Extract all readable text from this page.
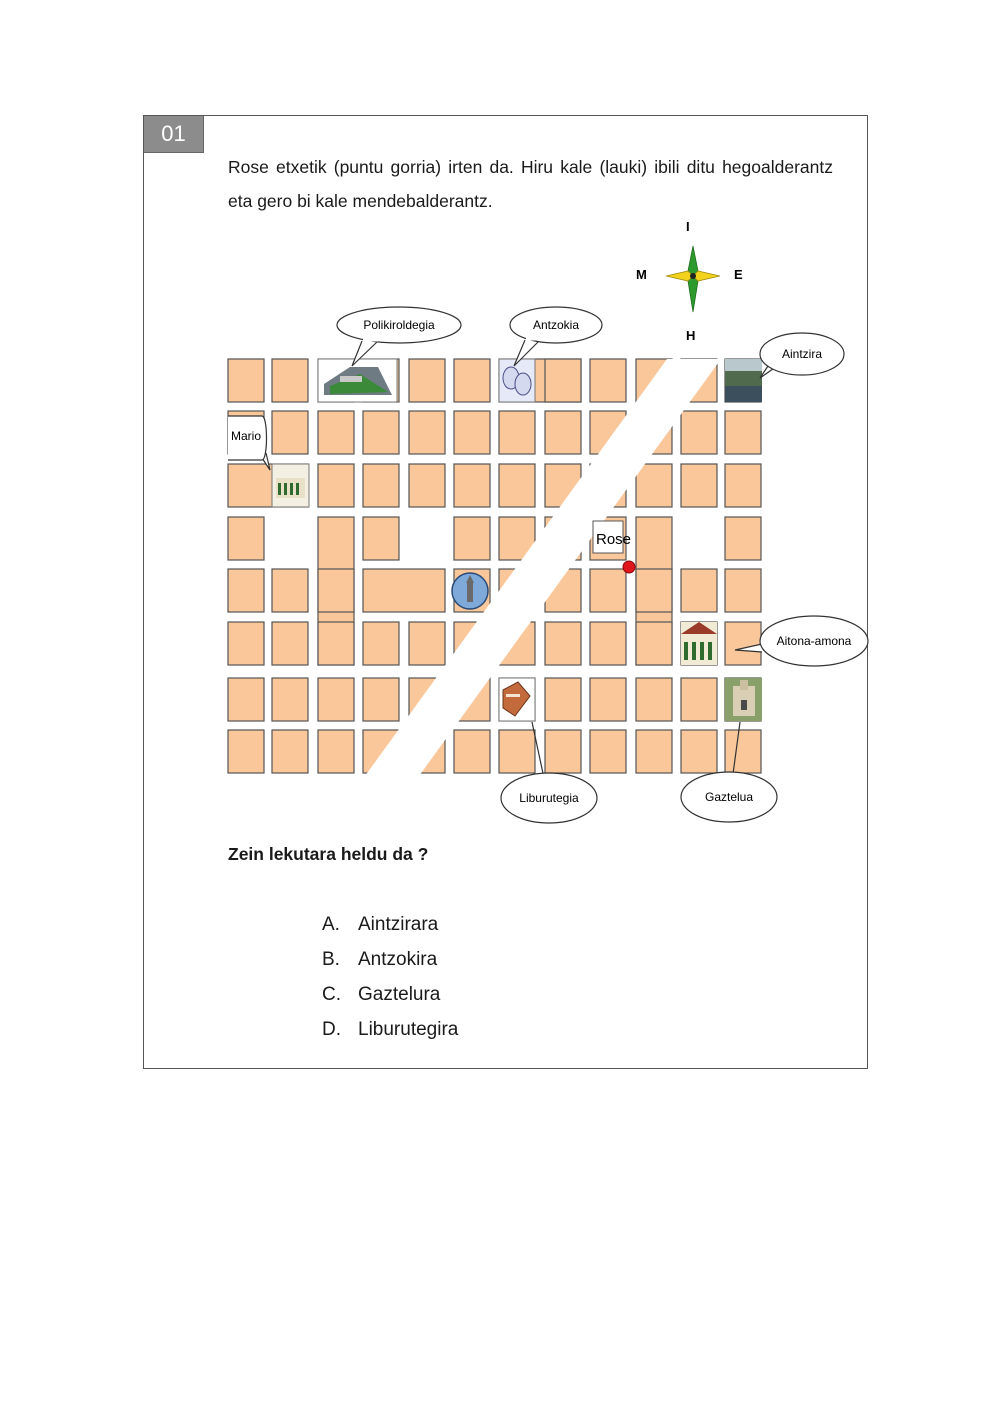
01
Rose etxetik (puntu gorria) irten da. Hiru kale (lauki) ibili ditu hegoalderantz eta gero bi kale mendebalderantz.
Zein lekutara heldu da ?
A. Aintzirara
B. Antzokira
C. Gaztelura
D. Liburutegira
I
H
E
M
Polikiroldegia	Antzokia
Aintzira
Mario
Rose
Aitona-amona
Liburutegia	Gaztelua
